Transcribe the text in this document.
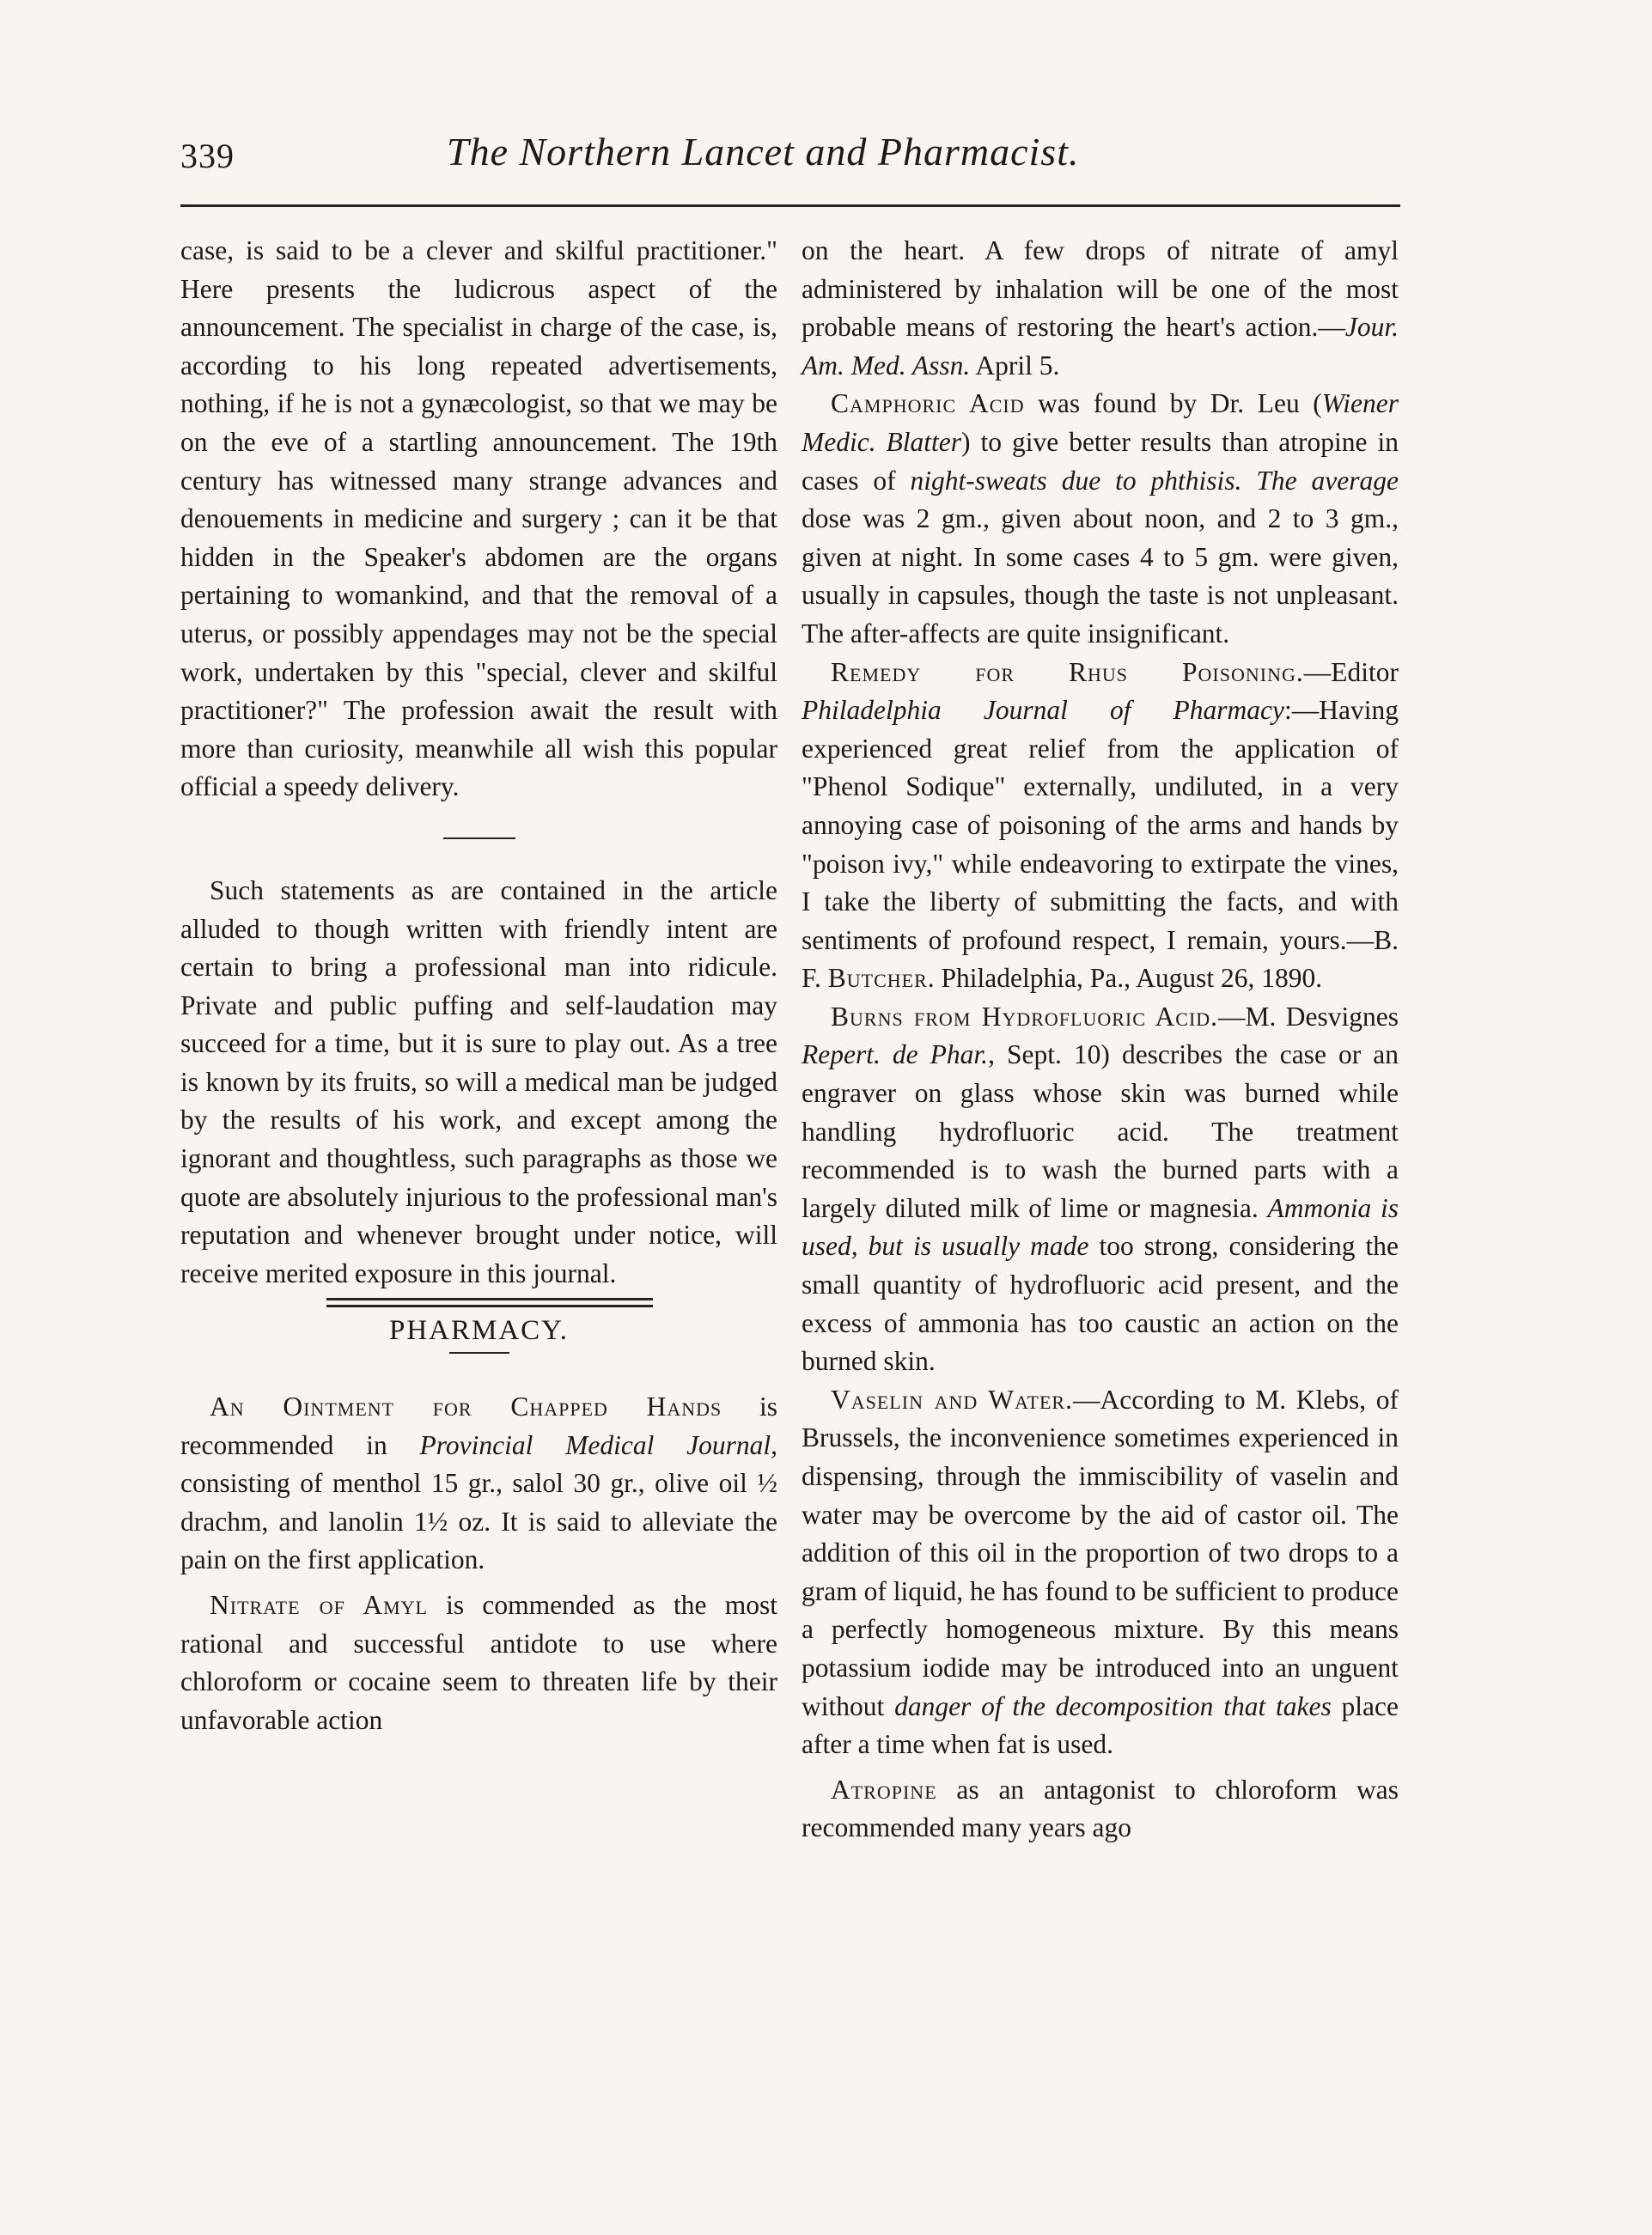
339	The Northern Lancet and Pharmacist.

case, is said to be a clever and skilful practitioner." Here presents the ludicrous aspect of the announcement. The specialist in charge of the case, is, according to his long repeated advertisements, nothing, if he is not a gynæcologist, so that we may be on the eve of a startling announcement. The 19th century has witnessed many strange advances and denouements in medicine and surgery ; can it be that hidden in the Speaker's abdomen are the organs pertaining to womankind, and that the removal of a uterus, or possibly appendages may not be the special work, undertaken by this "special, clever and skilful practitioner?" The profession await the result with more than curiosity, meanwhile all wish this popular official a speedy delivery.

Such statements as are contained in the article alluded to though written with friendly intent are certain to bring a professional man into ridicule. Private and public puffing and self-laudation may succeed for a time, but it is sure to play out. As a tree is known by its fruits, so will a medical man be judged by the results of his work, and except among the ignorant and thoughtless, such paragraphs as those we quote are absolutely injurious to the professional man's reputation and whenever brought under notice, will receive merited exposure in this journal.

PHARMACY.

An Ointment for Chapped Hands is recommended in Provincial Medical Journal, consisting of menthol 15 gr., salol 30 gr., olive oil ½ drachm, and lanolin 1½ oz. It is said to alleviate the pain on the first application.

Nitrate of Amyl is commended as the most rational and successful antidote to use where chloroform or cocaine seem to threaten life by their unfavorable action

on the heart. A few drops of nitrate of amyl administered by inhalation will be one of the most probable means of restoring the heart's action.—Jour. Am. Med. Assn. April 5.

Camphoric Acid was found by Dr. Leu (Wiener Medic. Blatter) to give better results than atropine in cases of night-sweats due to phthisis. The average dose was 2 gm., given about noon, and 2 to 3 gm., given at night. In some cases 4 to 5 gm. were given, usually in capsules, though the taste is not unpleasant. The after-affects are quite insignificant.

Remedy for Rhus Poisoning.—Editor Philadelphia Journal of Pharmacy:—Having experienced great relief from the application of "Phenol Sodique" externally, undiluted, in a very annoying case of poisoning of the arms and hands by "poison ivy," while endeavoring to extirpate the vines, I take the liberty of submitting the facts, and with sentiments of profound respect, I remain, yours.—B. F. Butcher. Philadelphia, Pa., August 26, 1890.

Burns from Hydrofluoric Acid.—M. Desvignes Repert. de Phar., Sept. 10) describes the case or an engraver on glass whose skin was burned while handling hydrofluoric acid. The treatment recommended is to wash the burned parts with a largely diluted milk of lime or magnesia. Ammonia is used, but is usually made too strong, considering the small quantity of hydrofluoric acid present, and the excess of ammonia has too caustic an action on the burned skin.

Vaselin and Water.—According to M. Klebs, of Brussels, the inconvenience sometimes experienced in dispensing, through the immiscibility of vaselin and water may be overcome by the aid of castor oil. The addition of this oil in the proportion of two drops to a gram of liquid, he has found to be sufficient to produce a perfectly homogeneous mixture. By this means potassium iodide may be introduced into an unguent without danger of the decomposition that takes place after a time when fat is used.

Atropine as an antagonist to chloroform was recommended many years ago
